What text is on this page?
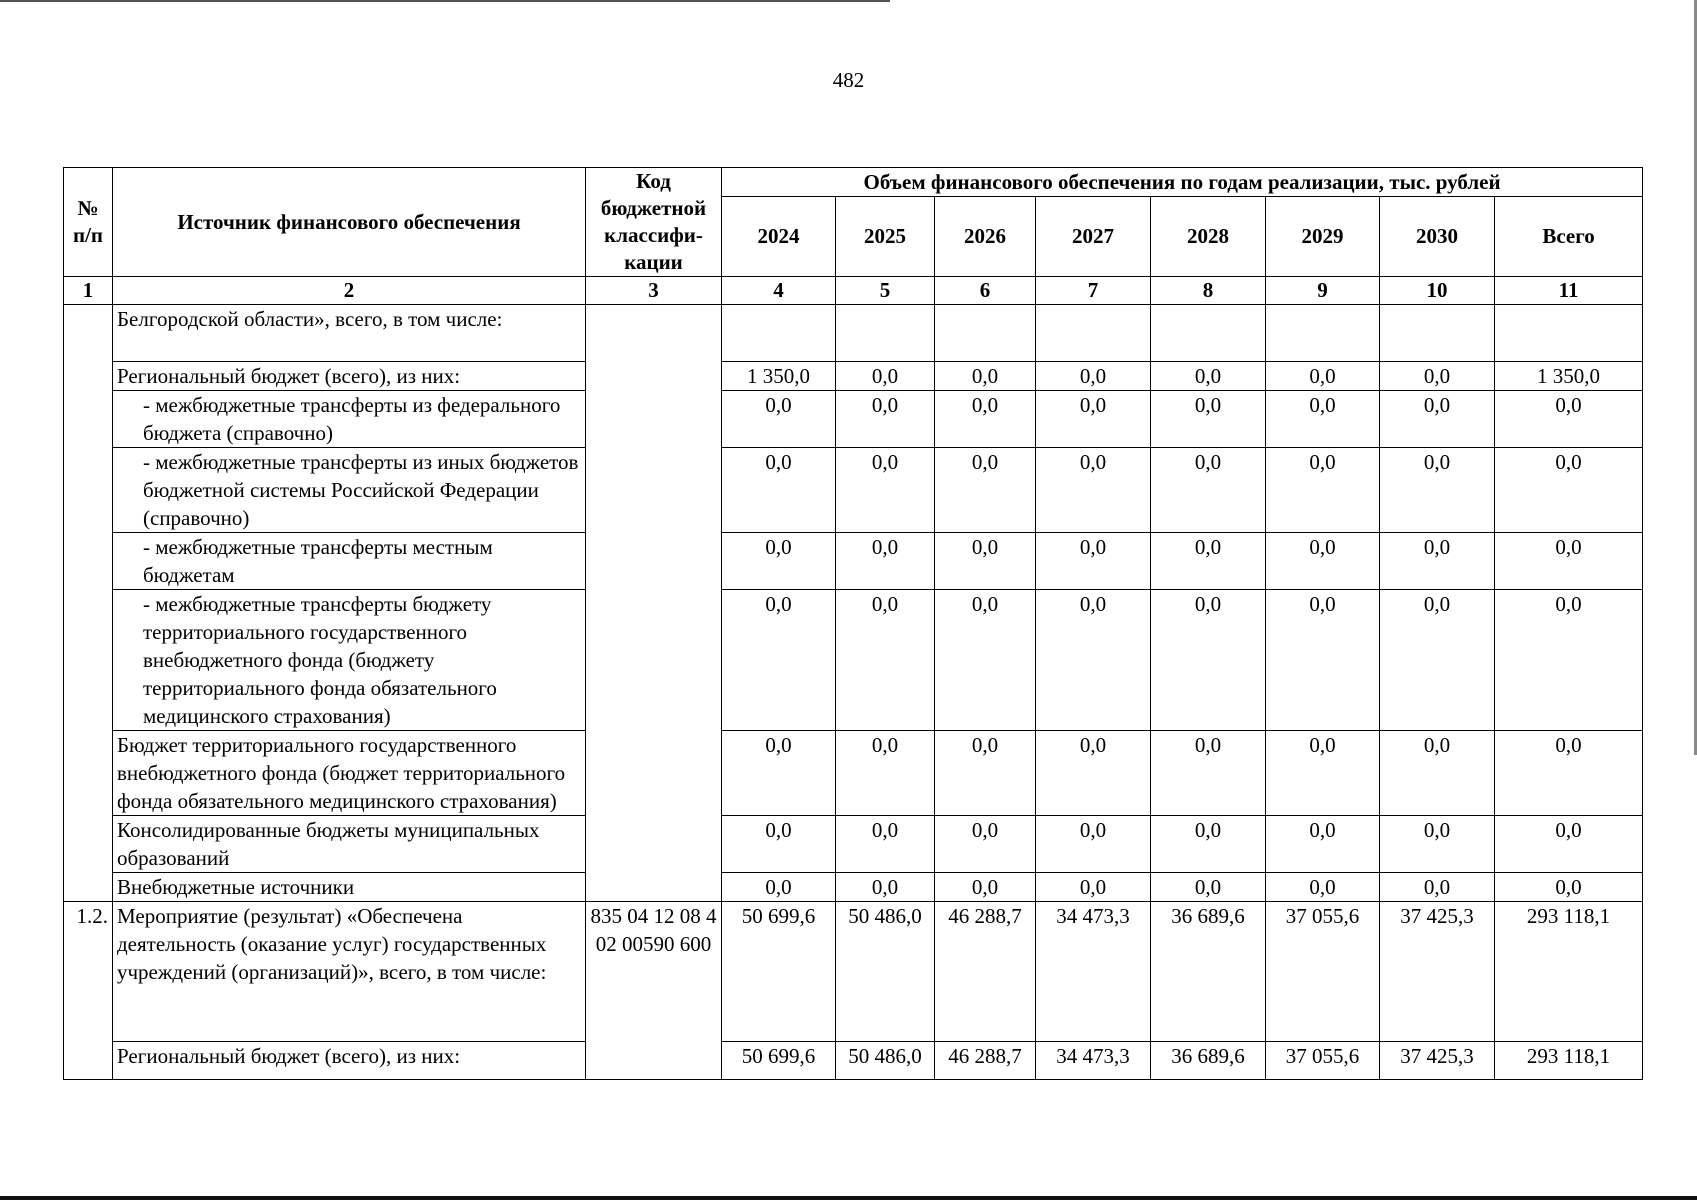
482
№ п/п	Источник финансового обеспечения	Код бюджетной классифи-кации	Объем финансового обеспечения по годам реализации, тыс. рублей							
			2024	2025	2026	2027	2028	2029	2030	Всего
1	2	3	4	5	6	7	8	9	10	11
	Белгородской области», всего, в том числе:									
	Региональный бюджет (всего), из них:		1 350,0	0,0	0,0	0,0	0,0	0,0	0,0	1 350,0
	- межбюджетные трансферты из федерального бюджета (справочно)		0,0	0,0	0,0	0,0	0,0	0,0	0,0	0,0
	- межбюджетные трансферты из иных бюджетов бюджетной системы Российской Федерации (справочно)		0,0	0,0	0,0	0,0	0,0	0,0	0,0	0,0
	- межбюджетные трансферты местным бюджетам		0,0	0,0	0,0	0,0	0,0	0,0	0,0	0,0
	- межбюджетные трансферты бюджету территориального государственного внебюджетного фонда (бюджету территориального фонда обязательного медицинского страхования)		0,0	0,0	0,0	0,0	0,0	0,0	0,0	0,0
	Бюджет территориального государственного внебюджетного фонда (бюджет территориального фонда обязательного медицинского страхования)		0,0	0,0	0,0	0,0	0,0	0,0	0,0	0,0
	Консолидированные бюджеты муниципальных образований		0,0	0,0	0,0	0,0	0,0	0,0	0,0	0,0
	Внебюджетные источники		0,0	0,0	0,0	0,0	0,0	0,0	0,0	0,0
1.2.	Мероприятие (результат) «Обеспечена деятельность (оказание услуг) государственных учреждений (организаций)», всего, в том числе:	835 04 12 08 4 02 00590 600	50 699,6	50 486,0	46 288,7	34 473,3	36 689,6	37 055,6	37 425,3	293 118,1
	Региональный бюджет (всего), из них:		50 699,6	50 486,0	46 288,7	34 473,3	36 689,6	37 055,6	37 425,3	293 118,1
